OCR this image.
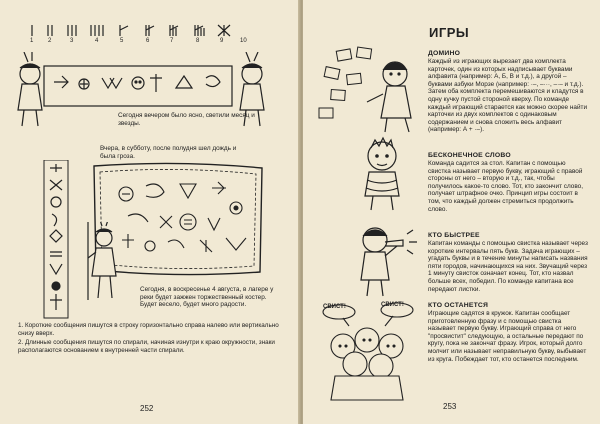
1 2	3	4	5	6	7	8	9	10
Сегодня вечером было ясно, светили месяц и звезды.
Вчера, в субботу, после полудня шел дождь и была гроза.
Сегодня, в воскресенье 4 августа, в лагере у реки будет зажжен торжественный костер. Будет весело, будет много радости.

1. Короткие сообщения пишутся в строку горизонтально справа налево или вертикально снизу вверх.

2. Длинные сообщения пишутся по спирали, начиная изнутри к краю окружности, знаки располагаются основанием к внутренней части спирали.

252
ИГРЫ
ДОМИНО
Каждый из играющих вырезает два комплекта карточек, один из которых надписывает буквами алфавита (например: А, Б, В и т.д.), а другой – буквами азбуки Морзе (например: ·–, –···, –·– и т.д.). Затем оба комплекта перемешиваются и кладутся в одну кучку пустой стороной кверху. По команде каждый играющий старается как можно скорее найти карточки из двух комплектов с одинаковым содержанием и снова сложить весь алфавит (например: А + ·–).
БЕСКОНЕЧНОЕ СЛОВО
Команда садится за стол. Капитан с помощью свистка называет первую букву, играющий с правой стороны от него – вторую и т.д., так, чтобы получилось какое-то слово. Тот, кто закончит слово, получает штрафное очко. Принцип игры состоит в том, что каждый должен стремиться продолжить слово.
КТО БЫСТРЕЕ
Капитан команды с помощью свистка называет через короткие интервалы пять букв. Задача играющих – угадать буквы и в течение минуты написать названия пяти городов, начинающихся на них. Звучащий через 1 минуту свисток означает конец. Тот, кто назвал больше всех, победил. По команде капитана все передают листки.
СВИСТ!	СВИСТ!	КТО ОСТАНЕТСЯ
Играющие садятся в кружок. Капитан сообщает приготовленную фразу и с помощью свистка называет первую букву. Играющий справа от него "просвистит" следующую, а остальные передают по кругу, пока не закончат фразу. Игрок, который долго молчит или называет неправильную букву, выбывает из круга. Побеждает тот, кто останется последним.
253
